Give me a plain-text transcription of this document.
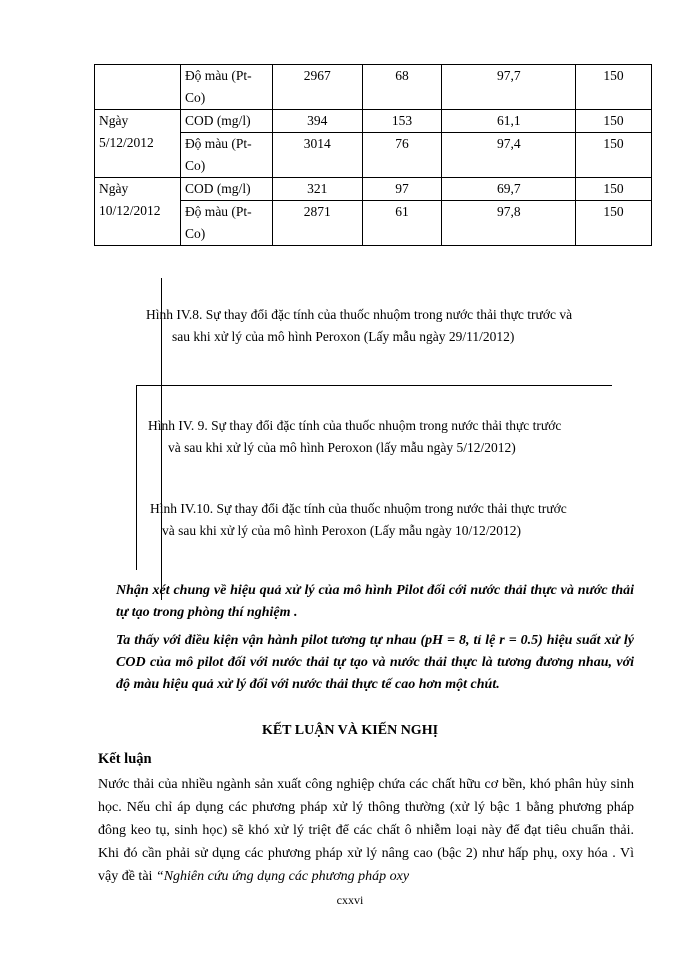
	Độ màu (Pt-Co)	2967	68	97,7	150
Ngày 5/12/2012	COD (mg/l)	394	153	61,1	150
	Độ màu (Pt-Co)	3014	76	97,4	150
Ngày 10/12/2012	COD (mg/l)	321	97	69,7	150
	Độ màu (Pt-Co)	2871	61	97,8	150
Hình IV.8. Sự thay đổi đặc tính của thuốc nhuộm trong nước thải thực trước và
sau khi xử lý của mô hình Peroxon (Lấy mẫu ngày 29/11/2012)
Hình IV. 9. Sự thay đổi đặc tính của thuốc nhuộm trong nước thải thực trước
và sau khi xử lý của mô hình Peroxon (lấy mẫu ngày 5/12/2012)
Hình IV.10. Sự thay đổi đặc tính của thuốc nhuộm trong nước thải thực trước
và sau khi xử lý của mô hình Peroxon (Lấy mẫu ngày 10/12/2012)
Nhận xét chung về hiệu quả xử lý của mô hình Pilot đối cới nước thải thực và nước thải tự tạo trong phòng thí nghiệm .
Ta thấy với điều kiện vận hành pilot tương tự nhau (pH = 8, tỉ lệ r = 0.5) hiệu suất xử lý COD của mô pilot đối với nước thải tự tạo và nước thải thực là tương đương nhau, với độ màu hiệu quả xử lý đối với nước thải thực tế cao hơn một chút.
KẾT LUẬN VÀ KIẾN NGHỊ
Kết luận
Nước thải của nhiều ngành sản xuất công nghiệp chứa các chất hữu cơ bền, khó phân hủy sinh học. Nếu chỉ áp dụng các phương pháp xử lý thông thường (xử lý bậc 1 bằng phương pháp đông keo tụ, sinh học) sẽ khó xử lý triệt để các chất ô nhiễm loại này để đạt tiêu chuẩn thải. Khi đó cần phải sử dụng các phương pháp xử lý nâng cao (bậc 2) như hấp phụ, oxy hóa . Vì vậy đề tài “Nghiên cứu ứng dụng các phương pháp oxy
cxxvi
